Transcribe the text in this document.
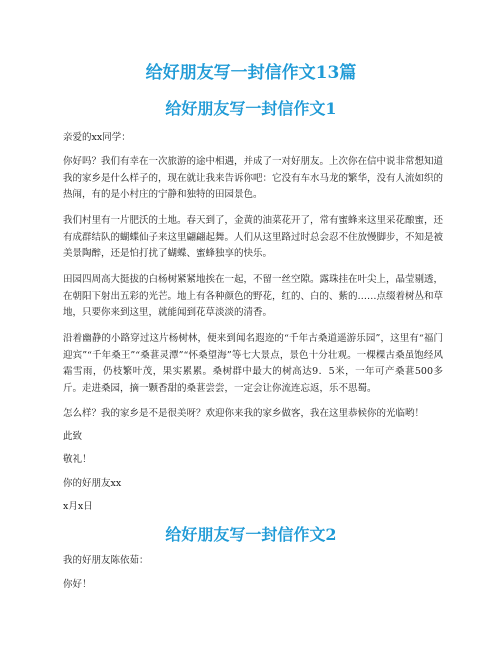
给好朋友写一封信作文13篇
给好朋友写一封信作文1

亲爱的xx同学：

你好吗？我们有幸在一次旅游的途中相遇，并成了一对好朋友。上次你在信中说非常想知道我的家乡是什么样子的，现在就让我来告诉你吧：它没有车水马龙的繁华，没有人流如织的热闹，有的是小村庄的宁静和独特的田园景色。

我们村里有一片肥沃的土地。春天到了，金黄的油菜花开了，常有蜜蜂来这里采花酿蜜，还有成群结队的蝴蝶仙子来这里翩翩起舞。人们从这里路过时总会忍不住放慢脚步，不知是被美景陶醉，还是怕打扰了蝴蝶、蜜蜂独享的快乐。

田园四周高大挺拔的白杨树紧紧地挨在一起，不留一丝空隙。露珠挂在叶尖上，晶莹剔透，在朝阳下射出五彩的光芒。地上有各种颜色的野花，红的、白的、紫的……点缀着树丛和草地，只要你来到这里，就能闻到花草淡淡的清香。

沿着幽静的小路穿过这片杨树林，便来到闻名遐迩的“千年古桑道遥游乐园”，这里有“福门迎宾”“千年桑王”“桑葚灵潭”“怀桑望海”等七大景点，景色十分壮观。一棵棵古桑虽饱经风霜雪雨，仍枝繁叶茂，果实累累。桑树群中最大的树高达9．5米，一年可产桑葚500多斤。走进桑园，摘一颗香甜的桑葚尝尝，一定会让你流连忘返，乐不思蜀。

怎么样？我的家乡是不是很美呀？欢迎你来我的家乡做客，我在这里恭候你的光临哟！

此致

敬礼！

你的好朋友xx

x月x日

给好朋友写一封信作文2

我的好朋友陈依茹：

你好！
